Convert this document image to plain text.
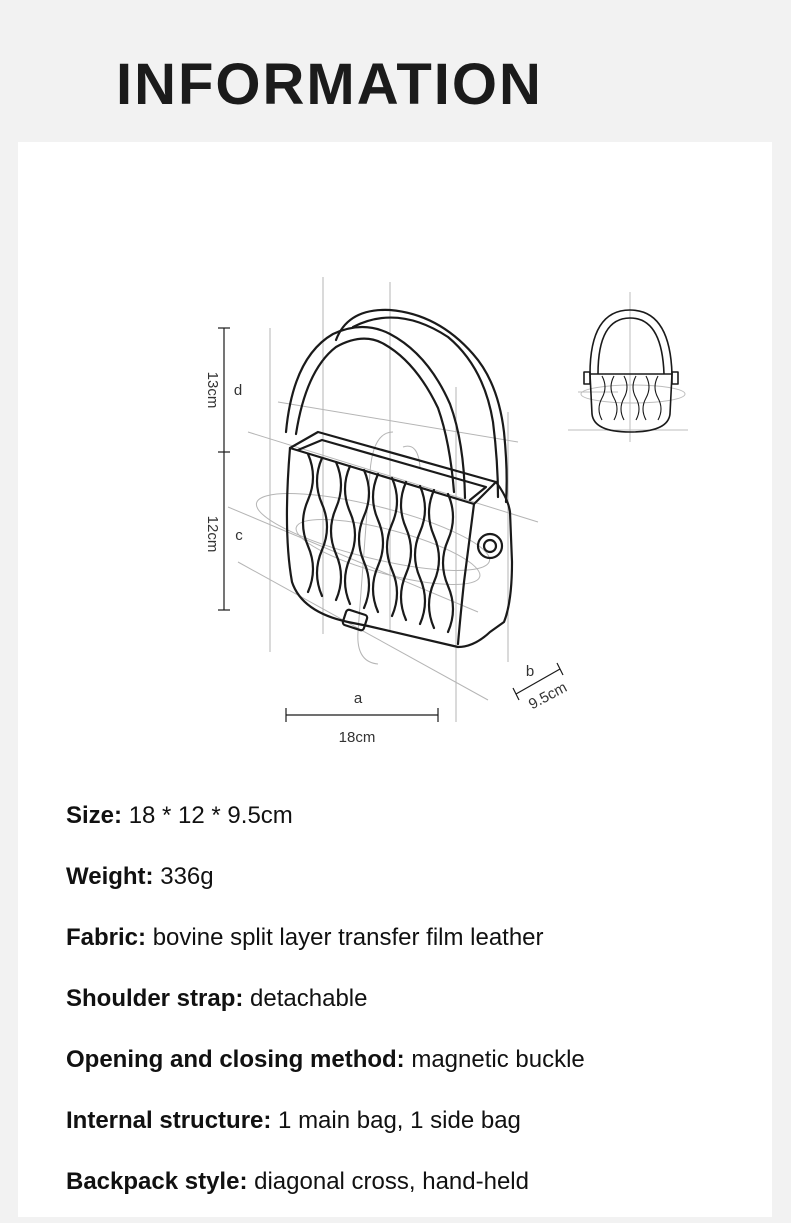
INFORMATION
13cm d
12cm c
a
18cm
b
9.5cm
Size: 18 * 12 * 9.5cm
Weight: 336g
Fabric: bovine split layer transfer film leather
Shoulder strap: detachable
Opening and closing method: magnetic buckle
Internal structure: 1 main bag, 1 side bag
Backpack style: diagonal cross, hand-held
